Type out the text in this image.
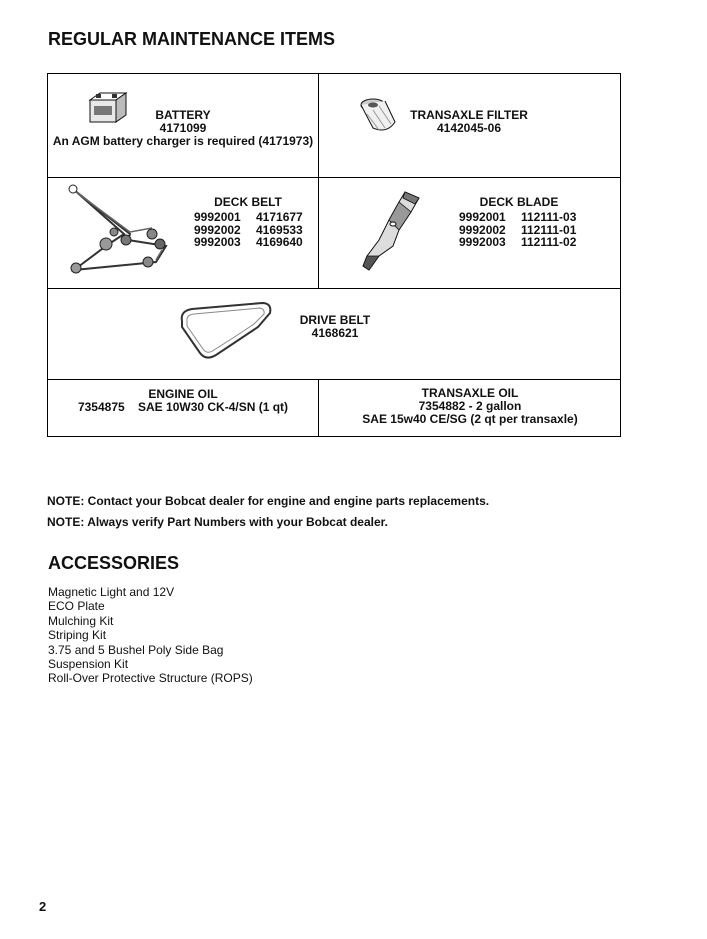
REGULAR MAINTENANCE ITEMS
BATTERY
4171099
An AGM battery charger is required (4171973)
TRANSAXLE FILTER
4142045-06
DECK BELT
9992001	4171677
9992002	4169533
9992003	4169640
DECK BLADE
9992001	112111-03
9992002	112111-01
9992003	112111-02
DRIVE BELT
4168621
ENGINE OIL
7354875 SAE 10W30 CK-4/SN (1 qt)
TRANSAXLE OIL
7354882 - 2 gallon
SAE 15w40 CE/SG (2 qt per transaxle)
NOTE: Contact your Bobcat dealer for engine and engine parts replacements.
NOTE: Always verify Part Numbers with your Bobcat dealer.
ACCESSORIES
Magnetic Light and 12V
ECO Plate
Mulching Kit
Striping Kit
3.75 and 5 Bushel Poly Side Bag
Suspension Kit
Roll-Over Protective Structure (ROPS)
2
